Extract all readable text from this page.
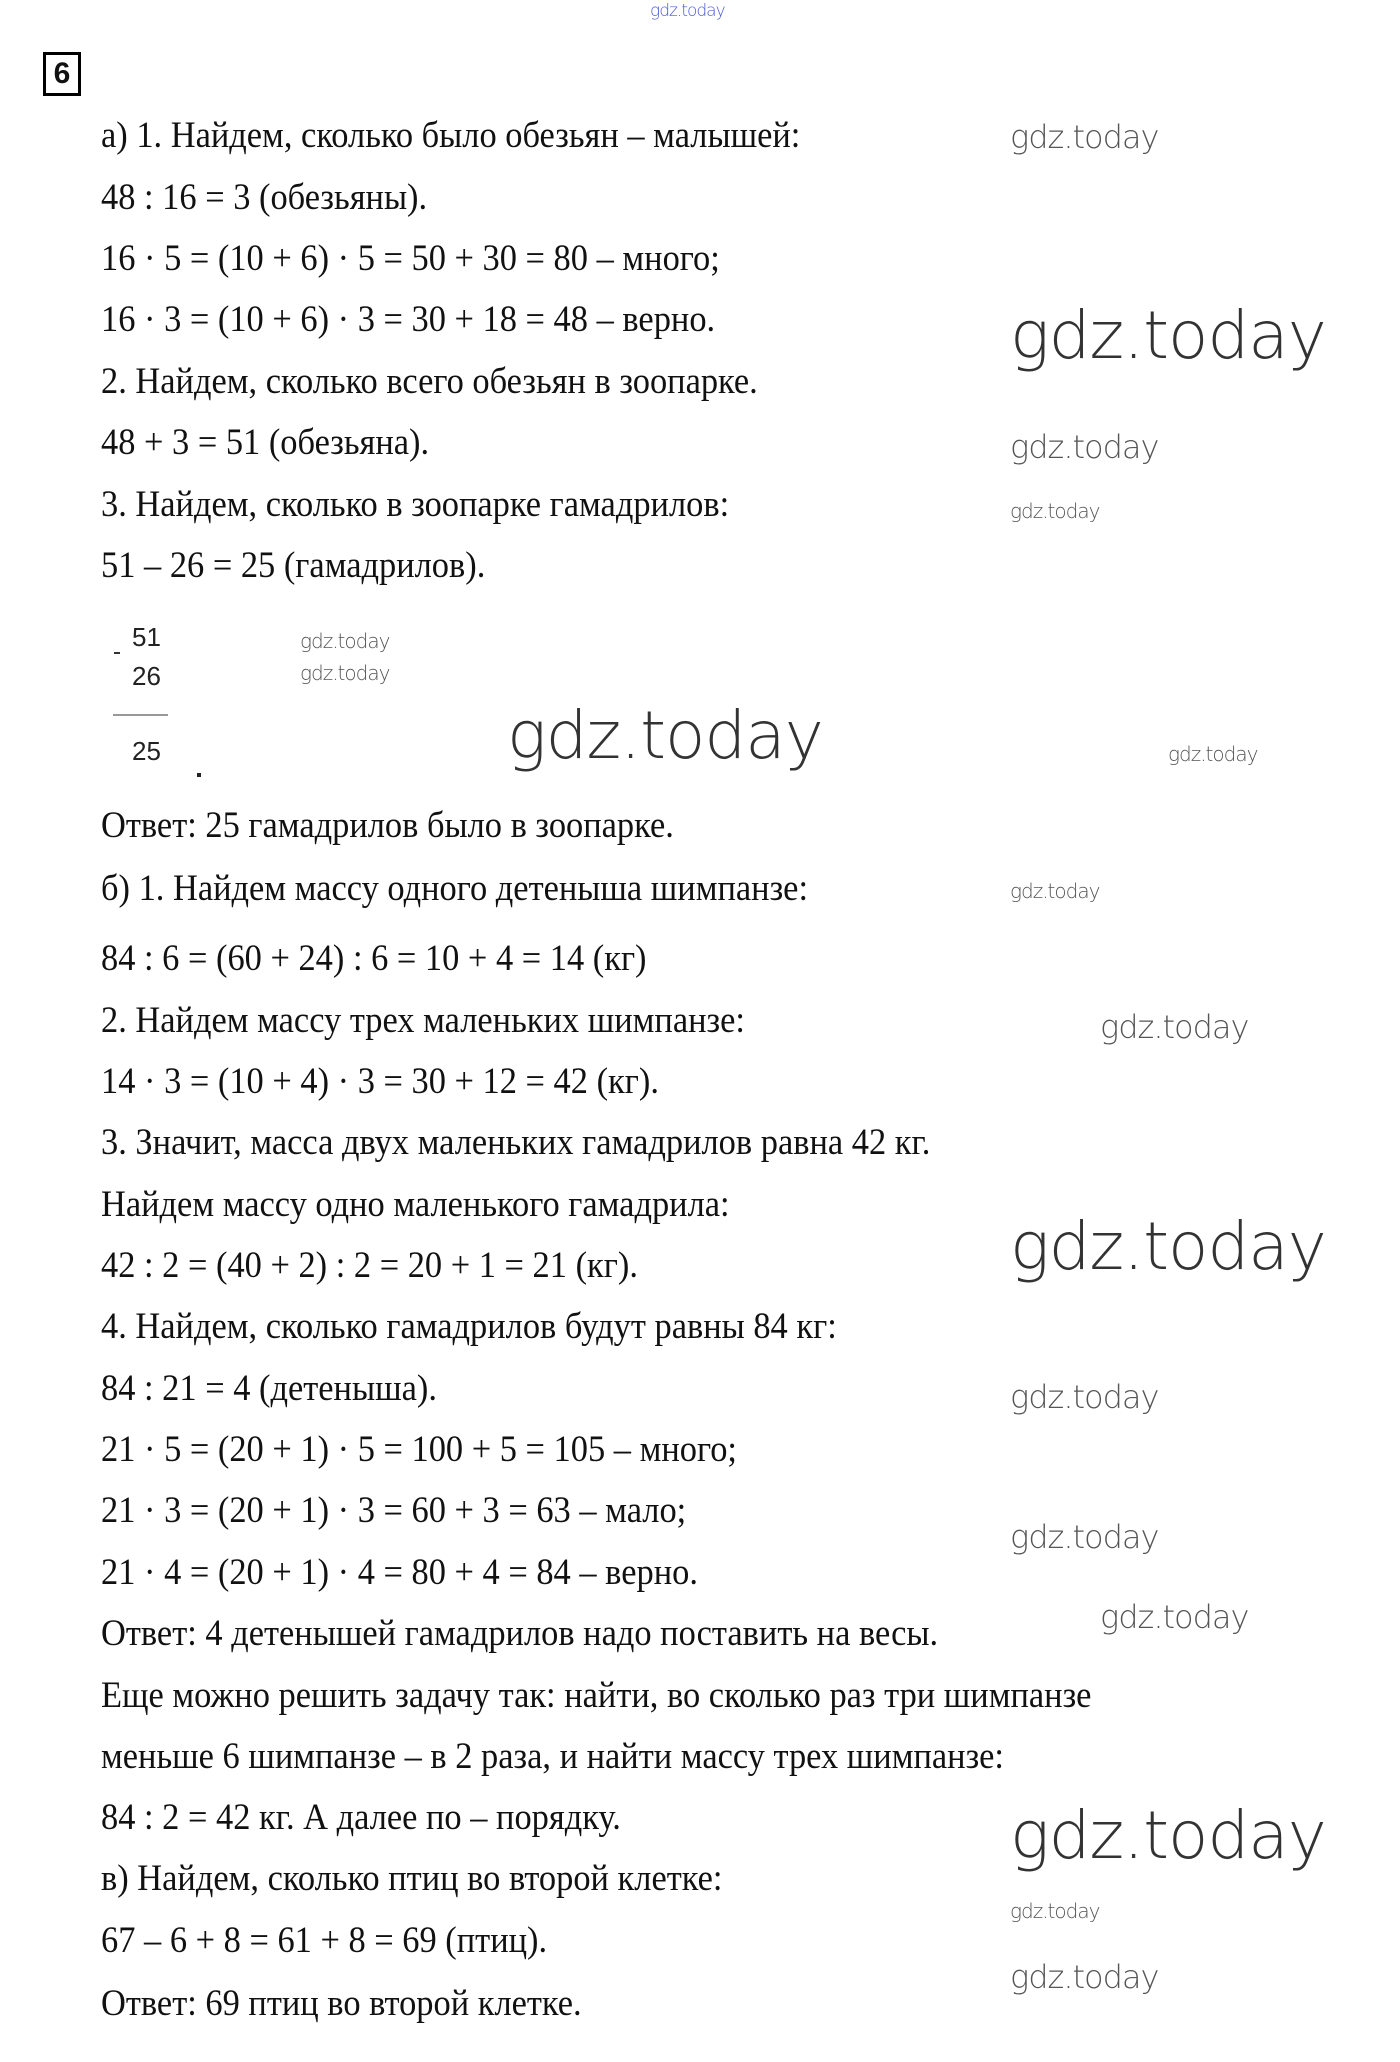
gdz.today
6
а) 1. Найдем, сколько было обезьян – малышей:
48 : 16 = 3 (обезьяны).
16 · 5 = (10 + 6) · 5 = 50 + 30 = 80 – много;
16 · 3 = (10 + 6) · 3 = 30 + 18 = 48 – верно.
2. Найдем, сколько всего обезьян в зоопарке.
48 + 3 = 51 (обезьяна).
3. Найдем, сколько в зоопарке гамадрилов:
51 – 26 = 25 (гамадрилов).
51
26
25
Ответ: 25 гамадрилов было в зоопарке.
б) 1. Найдем массу одного детеныша шимпанзе:
84 : 6 = (60 + 24) : 6 = 10 + 4 = 14 (кг)
2. Найдем массу трех маленьких шимпанзе:
14 · 3 = (10 + 4) · 3 = 30 + 12 = 42 (кг).
3. Значит, масса двух маленьких гамадрилов равна 42 кг.
Найдем массу одно маленького гамадрила:
42 : 2 = (40 + 2) : 2 = 20 + 1 = 21 (кг).
4. Найдем, сколько гамадрилов будут равны 84 кг:
84 : 21 = 4 (детеныша).
21 · 5 = (20 + 1) · 5 = 100 + 5 = 105 – много;
21 · 3 = (20 + 1) · 3 = 60 + 3 = 63 – мало;
21 · 4 = (20 + 1) · 4 = 80 + 4 = 84 – верно.
Ответ: 4 детенышей гамадрилов надо поставить на весы.
Еще можно решить задачу так: найти, во сколько раз три шимпанзе
меньше 6 шимпанзе – в 2 раза, и найти массу трех шимпанзе:
84 : 2 = 42 кг. А далее по – порядку.
в) Найдем, сколько птиц во второй клетке:
67 – 6 + 8 = 61 + 8 = 69 (птиц).
Ответ: 69 птиц во второй клетке.
gdz.today
gdz.today
gdz.today
gdz.today
gdz.today
gdz.today
gdz.today	gdz.today
gdz.today
gdz.today
gdz.today
gdz.today
gdz.today
gdz.today
gdz.today
gdz.today
gdz.today
